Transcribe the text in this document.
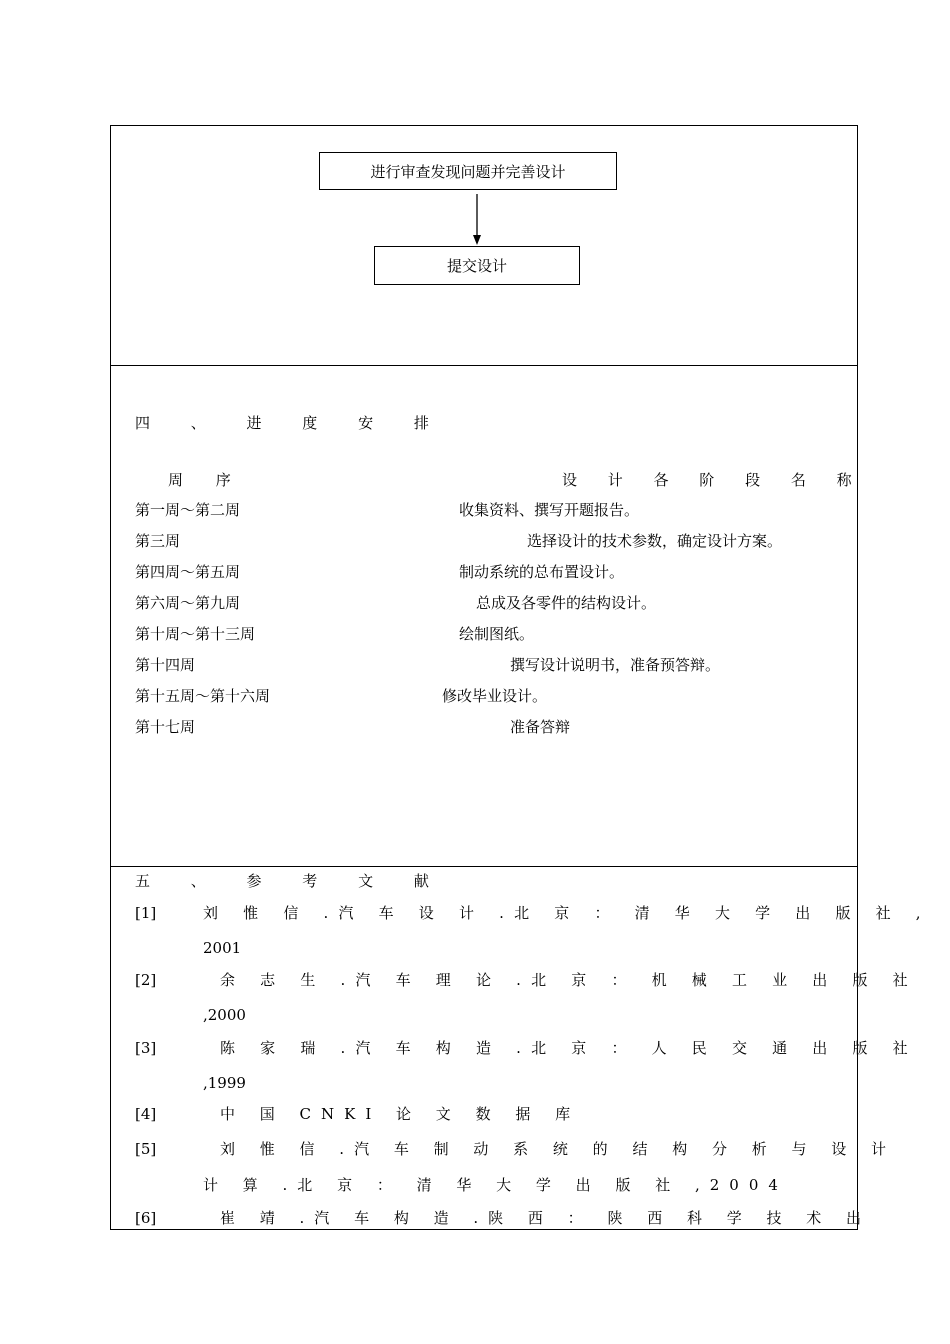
进行审查发现问题并完善设计
提交设计
四 、 进 度 安 排
周 序	设 计 各 阶 段 名 称
第一周～第二周	收集资料、撰写开题报告。
第三周	选择设计的技术参数，确定设计方案。
第四周～第五周	制动系统的总布置设计。
第六周～第九周	总成及各零件的结构设计。
第十周～第十三周	绘制图纸。
第十四周	撰写设计说明书，准备预答辩。
第十五周～第十六周	修改毕业设计。
第十七周	准备答辩
五 、 参 考 文 献
[1]	刘 惟 信 .汽 车 设 计 .北 京 ： 清 华 大 学 出 版 社 ,
2001
[2]	余 志 生 .汽 车 理 论 .北 京 ： 机 械 工 业 出 版 社
,2000
[3]	陈 家 瑞 .汽 车 构 造 .北 京 ： 人 民 交 通 出 版 社
,1999
[4]	中 国 CNKI 论 文 数 据 库
[5]	刘 惟 信 .汽 车 制 动 系 统 的 结 构 分 析 与 设 计
计 算 .北 京 ： 清 华 大 学 出 版 社 ,2004
[6]	崔 靖 .汽 车 构 造 .陕 西 ： 陕 西 科 学 技 术 出
